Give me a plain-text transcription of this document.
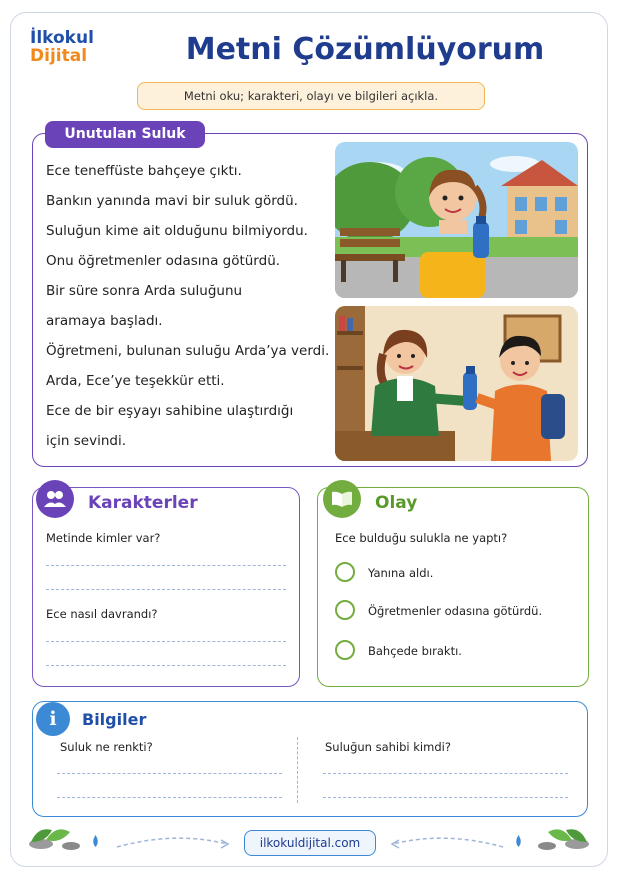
İlkokul
Dijital	Metni Çözümlüyorum
Metni oku; karakteri, olayı ve bilgileri açıkla.
Unutulan Suluk
Ece teneffüste bahçeye çıktı.
Bankın yanında mavi bir suluk gördü.
Suluğun kime ait olduğunu bilmiyordu.
Onu öğretmenler odasına götürdü.
Bir süre sonra Arda suluğunu
aramaya başladı.
Öğretmeni, bulunan suluğu Arda’ya verdi.
Arda, Ece’ye teşekkür etti.
Ece de bir eşyayı sahibine ulaştırdığı
için sevindi.
Karakterler
Metinde kimler var?
Ece nasıl davrandı?
Olay
Ece bulduğu sulukla ne yaptı?
Yanına aldı.
Öğretmenler odasına götürdü.
Bahçede bıraktı.
i Bilgiler
Suluk ne renkti?	Suluğun sahibi kimdi?
ilkokuldijital.com
